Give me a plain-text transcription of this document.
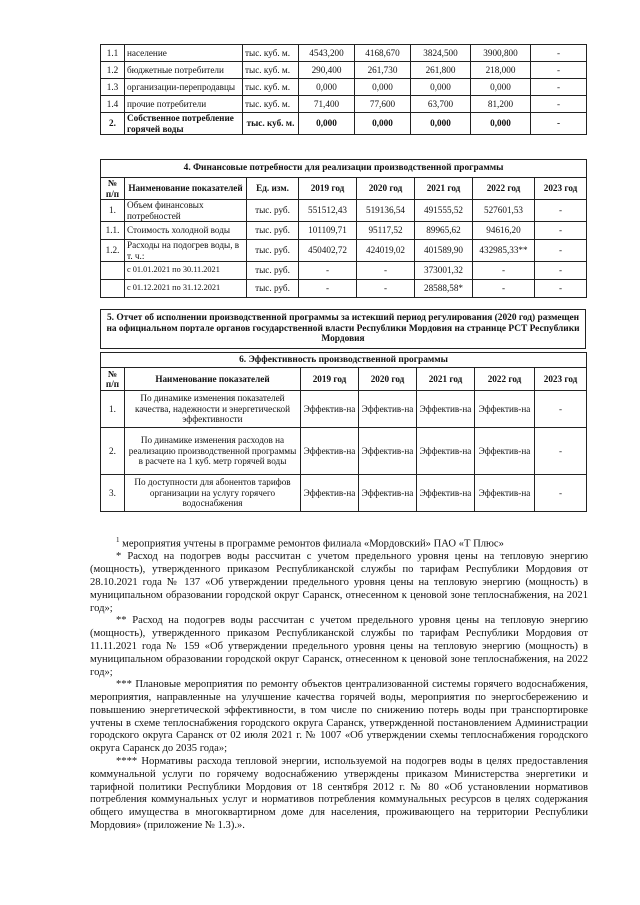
1.1	население	тыс. куб. м.	4543,200	4168,670	3824,500	3900,800	-
1.2	бюджетные потребители	тыс. куб. м.	290,400	261,730	261,800	218,000	-
1.3	организации-перепродавцы	тыс. куб. м.	0,000	0,000	0,000	0,000	-
1.4	прочие потребители	тыс. куб. м.	71,400	77,600	63,700	81,200	-
2.	Собственное потребление горячей воды	тыс. куб. м.	0,000	0,000	0,000	0,000	-
4. Финансовые потребности для реализации производственной программы							
№ п/п	Наименование показателей	Ед. изм.	2019 год	2020 год	2021 год	2022 год	2023 год
1.	Объем финансовых потребностей	тыс. руб.	551512,43	519136,54	491555,52	527601,53	-
1.1.	Стоимость холодной воды	тыс. руб.	101109,71	95117,52	89965,62	94616,20	-
1.2.	Расходы на подогрев воды, в т. ч.:	тыс. руб.	450402,72	424019,02	401589,90	432985,33**	-
	с 01.01.2021 по 30.11.2021	тыс. руб.	-	-	373001,32	-	-
	с 01.12.2021 по 31.12.2021	тыс. руб.	-	-	28588,58*	-	-
5. Отчет об исполнении производственной программы за истекший период регулирования (2020 год) размещен на официальном портале органов государственной власти Республики Мордовия на странице РСТ Республики Мордовия
6. Эффективность производственной программы						
№ п/п	Наименование показателей	2019 год	2020 год	2021 год	2022 год	2023 год
1.	По динамике изменения показателей качества, надежности и энергетической эффективности	Эффектив-на	Эффектив-на	Эффектив-на	Эффектив-на	-
2.	По динамике изменения расходов на реализацию производственной программы в расчете на 1 куб. метр горячей воды	Эффектив-на	Эффектив-на	Эффектив-на	Эффектив-на	-
3.	По доступности для абонентов тарифов организации на услугу горячего водоснабжения	Эффектив-на	Эффектив-на	Эффектив-на	Эффектив-на	-

$^1$ мероприятия учтены в программе ремонтов филиала «Мордовский» ПАО «Т Плюс»

* Расход на подогрев воды рассчитан с учетом предельного уровня цены на тепловую энергию (мощность), утвержденного приказом Республиканской службы по тарифам Республики Мордовия от 28.10.2021 года № 137 «Об утверждении предельного уровня цены на тепловую энергию (мощность) в муниципальном образовании городской округ Саранск, отнесенном к ценовой зоне теплоснабжения, на 2021 год»;

** Расход на подогрев воды рассчитан с учетом предельного уровня цены на тепловую энергию (мощность), утвержденного приказом Республиканской службы по тарифам Республики Мордовия от 11.11.2021 года № 159 «Об утверждении предельного уровня цены на тепловую энергию (мощность) в муниципальном образовании городской округ Саранск, отнесенном к ценовой зоне теплоснабжения, на 2022 год»;

*** Плановые мероприятия по ремонту объектов централизованной системы горячего водоснабжения, мероприятия, направленные на улучшение качества горячей воды, мероприятия по энергосбережению и повышению энергетической эффективности, в том числе по снижению потерь воды при транспортировке учтены в схеме теплоснабжения городского округа Саранск, утвержденной постановлением Администрации городского округа Саранск от 02 июля 2021 г. № 1007 «Об утверждении схемы теплоснабжения городского округа Саранск до 2035 года»;

**** Нормативы расхода тепловой энергии, используемой на подогрев воды в целях предоставления коммунальной услуги по горячему водоснабжению утверждены приказом Министерства энергетики и тарифной политики Республики Мордовия от 18 сентября 2012 г. № 80 «Об установлении нормативов потребления коммунальных услуг и нормативов потребления коммунальных ресурсов в целях содержания общего имущества в многоквартирном доме для населения, проживающего на территории Республики Мордовия» (приложение № 1.3).».
